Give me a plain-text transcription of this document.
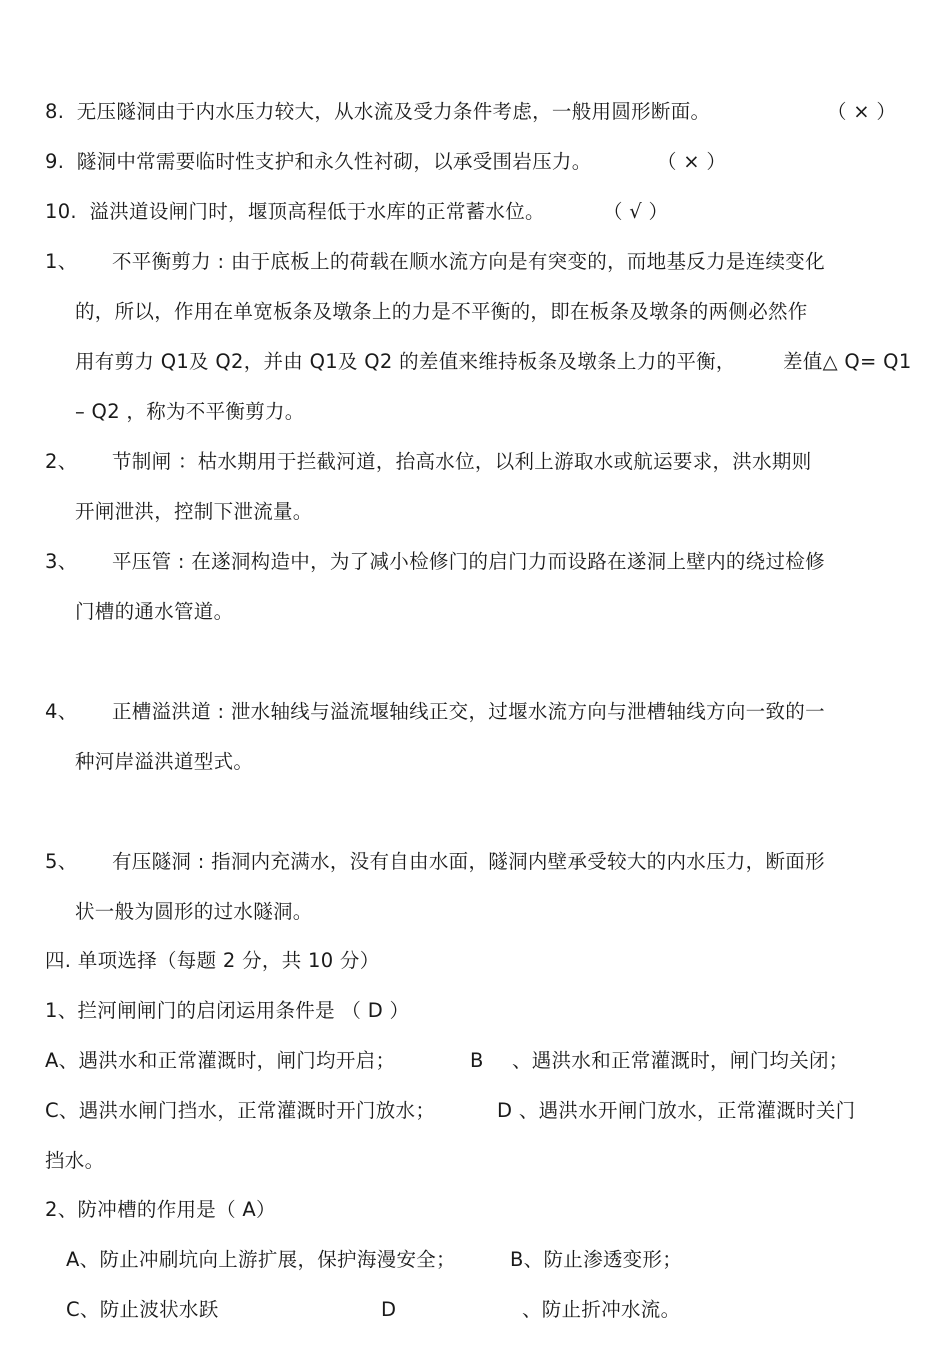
8. 无压隧洞由于内水压力较大，从水流及受力条件考虑，一般用圆形断面。	（ × ）
9. 隧洞中常需要临时性支护和永久性衬砌，以承受围岩压力。	（ × ）
10. 溢洪道设闸门时，堰顶高程低于水库的正常蓄水位。	（ √ ）
1、 不平衡剪力 : 由于底板上的荷载在顺水流方向是有突变的，而地基反力是连续变化
的，所以，作用在单宽板条及墩条上的力是不平衡的，即在板条及墩条的两侧必然作
用有剪力 Q1及 Q2，并由 Q1及 Q2 的差值来维持板条及墩条上力的平衡， 差值△ Q= Q1
– Q2 ，称为不平衡剪力。
2、 节制闸 ：枯水期用于拦截河道，抬高水位，以利上游取水或航运要求，洪水期则
开闸泄洪，控制下泄流量。
3、 平压管 : 在遂洞构造中，为了减小检修门的启门力而设路在遂洞上壁内的绕过检修
门槽的通水管道。
4、 正槽溢洪道 : 泄水轴线与溢流堰轴线正交，过堰水流方向与泄槽轴线方向一致的一
种河岸溢洪道型式。
5、 有压隧洞 : 指洞内充满水，没有自由水面，隧洞内壁承受较大的内水压力，断面形
状一般为圆形的过水隧洞。
四. 单项选择（每题 2 分，共 10 分）
1、拦河闸闸门的启闭运用条件是 （ D ）
A、遇洪水和正常灌溉时，闸门均开启；	B 、遇洪水和正常灌溉时，闸门均关闭；
C、遇洪水闸门挡水，正常灌溉时开门放水；	D 、遇洪水开闸门放水，正常灌溉时关门
挡水。
2、防冲槽的作用是（ A）
A、防止冲刷坑向上游扩展，保护海漫安全；	B、防止渗透变形；
C、防止波状水跃	D	、防止折冲水流。
